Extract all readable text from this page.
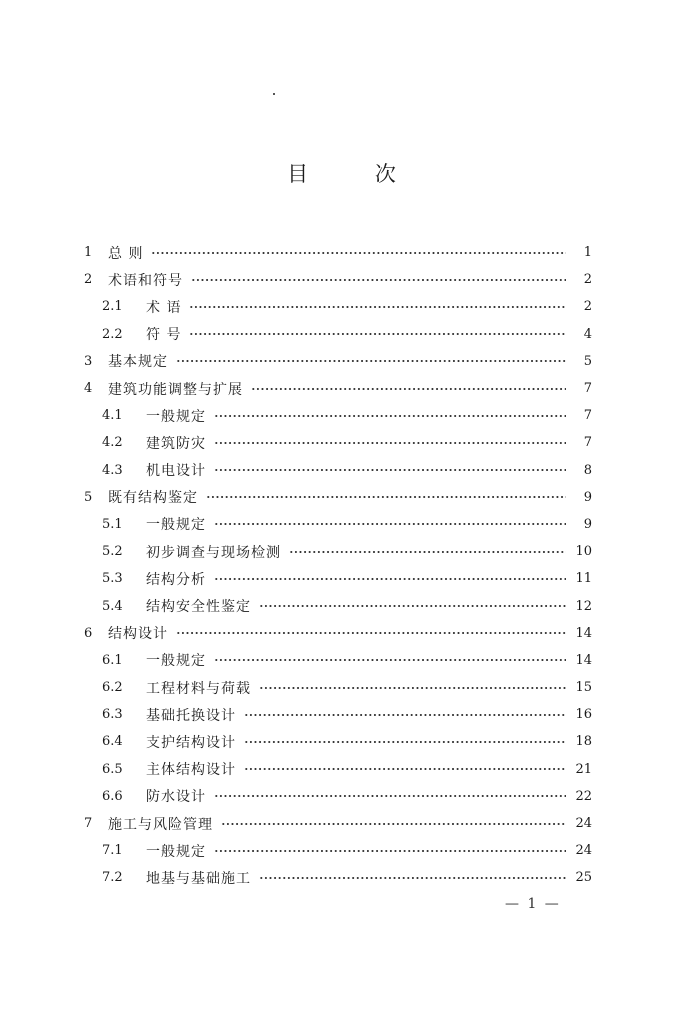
目 次
1	总 则	1
2	术语和符号	2
2.1	术 语	2
2.2	符 号	4
3	基本规定	5
4	建筑功能调整与扩展	7
4.1	一般规定	7
4.2	建筑防灾	7
4.3	机电设计	8
5	既有结构鉴定	9
5.1	一般规定	9
5.2	初步调查与现场检测	10
5.3	结构分析	11
5.4	结构安全性鉴定	12
6	结构设计	14
6.1	一般规定	14
6.2	工程材料与荷载	15
6.3	基础托换设计	16
6.4	支护结构设计	18
6.5	主体结构设计	21
6.6	防水设计	22
7	施工与风险管理	24
7.1	一般规定	24
7.2	地基与基础施工	25
— 1 —
